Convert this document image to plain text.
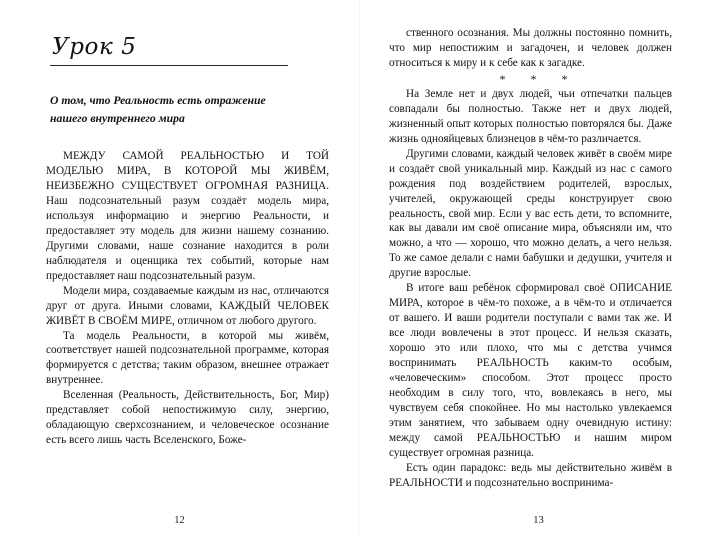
Урок 5
О том, что Реальность есть отражение нашего внутреннего мира

МЕЖДУ САМОЙ РЕАЛЬНОСТЬЮ И ТОЙ МОДЕЛЬЮ МИРА, В КОТОРОЙ МЫ ЖИВЁМ, НЕИЗБЕЖНО СУЩЕСТВУЕТ ОГРОМНАЯ РАЗНИЦА. Наш подсознательный разум создаёт модель мира, используя информацию и энергию Реальности, и предоставляет эту модель для жизни нашему сознанию. Другими словами, наше сознание находится в роли наблюдателя и оценщика тех событий, которые нам предоставляет наш подсознательный разум.

Модели мира, создаваемые каждым из нас, отличаются друг от друга. Иными словами, КАЖДЫЙ ЧЕЛОВЕК ЖИВЁТ В СВОЁМ МИРЕ, отличном от любого другого.

Та модель Реальности, в которой мы живём, соответствует нашей подсознательной программе, которая формируется с детства; таким образом, внешнее отражает внутреннее.

Вселенная (Реальность, Действительность, Бог, Мир) представляет собой непостижимую силу, энергию, обладающую сверхсознанием, и человеческое осознание есть всего лишь часть Вселенского, Боже-

12

ственного осознания. Мы должны постоянно помнить, что мир непостижим и загадочен, и человек должен относиться к миру и к себе как к загадке.

* * *

На Земле нет и двух людей, чьи отпечатки пальцев совпадали бы полностью. Также нет и двух людей, жизненный опыт которых полностью повторялся бы. Даже жизнь однояйцевых близнецов в чём-то различается.

Другими словами, каждый человек живёт в своём мире и создаёт свой уникальный мир. Каждый из нас с самого рождения под воздействием родителей, взрослых, учителей, окружающей среды конструирует свою реальность, свой мир. Если у вас есть дети, то вспомните, как вы давали им своё описание мира, объясняли им, что можно, а что — хорошо, что можно делать, а чего нельзя. То же самое делали с нами бабушки и дедушки, учителя и другие взрослые.

В итоге ваш ребёнок сформировал своё ОПИСАНИЕ МИРА, которое в чём-то похоже, а в чём-то и отличается от вашего. И ваши родители поступали с вами так же. И все люди вовлечены в этот процесс. И нельзя сказать, хорошо это или плохо, что мы с детства учимся воспринимать РЕАЛЬНОСТЬ каким-то особым, «человеческим» способом. Этот процесс просто необходим в силу того, что, вовлекаясь в него, мы чувствуем себя спокойнее. Но мы настолько увлекаемся этим занятием, что забываем одну очевидную истину: между самой РЕАЛЬНОСТЬЮ и нашим миром существует огромная разница.

Есть один парадокс: ведь мы действительно живём в РЕАЛЬНОСТИ и подсознательно воспринима-

13
